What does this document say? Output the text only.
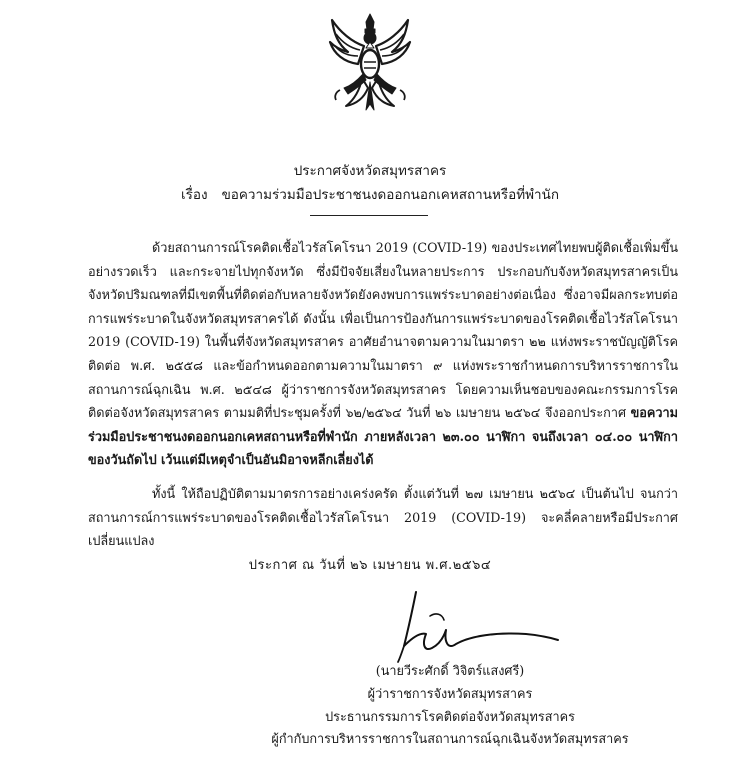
ประกาศจังหวัดสมุทรสาคร
เรื่อง ขอความร่วมมือประชาชนงดออกนอกเคหสถานหรือที่พำนัก

ด้วยสถานการณ์โรคติดเชื้อไวรัสโคโรนา 2019 (COVID-19) ของประเทศไทยพบผู้ติดเชื้อเพิ่มขึ้นอย่างรวดเร็ว และกระจายไปทุกจังหวัด ซึ่งมีปัจจัยเสี่ยงในหลายประการ ประกอบกับจังหวัดสมุทรสาครเป็นจังหวัดปริมณฑลที่มีเขตพื้นที่ติดต่อกับหลายจังหวัดยังคงพบการแพร่ระบาดอย่างต่อเนื่อง ซึ่งอาจมีผลกระทบต่อการแพร่ระบาดในจังหวัดสมุทรสาครได้ ดังนั้น เพื่อเป็นการป้องกันการแพร่ระบาดของโรคติดเชื้อไวรัสโคโรนา 2019 (COVID-19) ในพื้นที่จังหวัดสมุทรสาคร อาศัยอำนาจตามความในมาตรา ๒๒ แห่งพระราชบัญญัติโรคติดต่อ พ.ศ. ๒๕๕๘ และข้อกำหนดออกตามความในมาตรา ๙ แห่งพระราชกำหนดการบริหารราชการในสถานการณ์ฉุกเฉิน พ.ศ. ๒๕๔๘ ผู้ว่าราชการจังหวัดสมุทรสาคร โดยความเห็นชอบของคณะกรรมการโรคติดต่อจังหวัดสมุทรสาคร ตามมติที่ประชุมครั้งที่ ๖๒/๒๕๖๔ วันที่ ๒๖ เมษายน ๒๕๖๔ จึงออกประกาศ ขอความร่วมมือประชาชนงดออกนอกเคหสถานหรือที่พำนัก ภายหลังเวลา ๒๓.๐๐ นาฬิกา จนถึงเวลา ๐๔.๐๐ นาฬิกา ของวันถัดไป เว้นแต่มีเหตุจำเป็นอันมิอาจหลีกเลี่ยงได้

ทั้งนี้ ให้ถือปฏิบัติตามมาตรการอย่างเคร่งครัด ตั้งแต่วันที่ ๒๗ เมษายน ๒๕๖๔ เป็นต้นไป จนกว่าสถานการณ์การแพร่ระบาดของโรคติดเชื้อไวรัสโคโรนา 2019 (COVID-19) จะคลี่คลายหรือมีประกาศเปลี่ยนแปลง

ประกาศ ณ วันที่ ๒๖ เมษายน พ.ศ.๒๕๖๔
(นายวีระศักดิ์ วิจิตร์แสงศรี)
ผู้ว่าราชการจังหวัดสมุทรสาคร
ประธานกรรมการโรคติดต่อจังหวัดสมุทรสาคร
ผู้กำกับการบริหารราชการในสถานการณ์ฉุกเฉินจังหวัดสมุทรสาคร
